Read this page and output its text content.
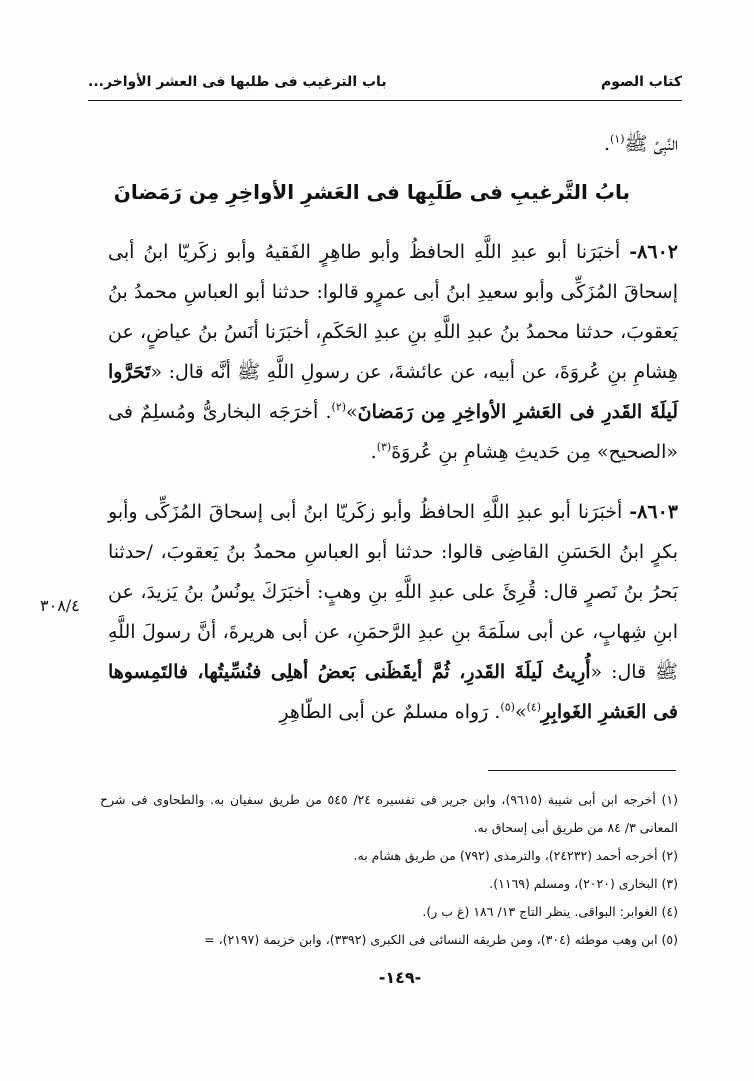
كتاب الصوم
باب الترغيب فى طلبها فى العشر الأواخر...
النَّبِىِّ ﷺ$^{(١)}$.
بابُ التَّرغيبِ فى طَلَبِها فى العَشرِ الأواخِرِ مِن رَمَضانَ

٨٦٠٢- أخبَرَنا أبو عبدِ اللَّهِ الحافظُ وأبو طاهِرٍ الفَقيهُ وأبو زكَريّا ابنُ أبى إسحاقَ المُزَكِّى وأبو سعيدِ ابنُ أبى عمرٍو قالوا: حدثنا أبو العباسِ محمدُ بنُ يَعقوبَ، حدثنا محمدُ بنُ عبدِ اللَّهِ بنِ عبدِ الحَكَمِ، أخبَرَنا أنَسُ بنُ عياضٍ، عن هِشامِ بنِ عُروَةَ، عن أبيه، عن عائشةَ، عن رسولِ اللَّهِ ﷺ أنَّه قال: «تَحَرَّوا لَيلَةَ القَدرِ فى العَشرِ الأواخِرِ مِن رَمَضانَ»$^{(٢)}$. أخرَجَه البخارىُّ ومُسلِمٌ فى «الصحيح» مِن حَديثِ هِشامِ بنِ عُروَةَ$^{(٣)}$.

٣٠٨/٤

٨٦٠٣- أخبَرَنا أبو عبدِ اللَّهِ الحافظُ وأبو زكَريّا ابنُ أبى إسحاقَ المُزَكِّى وأبو بكرٍ ابنُ الحَسَنِ القاضِى قالوا: حدثنا أبو العباسِ محمدُ بنُ يَعقوبَ، /حدثنا بَحرُ بنُ نَصرٍ قال: قُرِئَ على عبدِ اللَّهِ بنِ وهبٍ: أخبَرَكَ يونُسُ بنُ يَزيدَ، عن ابنِ شِهابٍ، عن أبى سلَمَةَ بنِ عبدِ الرَّحمَنِ، عن أبى هريرةَ، أنَّ رسولَ اللَّهِ ﷺ قال: «أُرِيتُ لَيلَةَ القَدرِ، ثُمَّ أيقَظَنى بَعضُ أهلِى فنُسِّيتُها، فالتَمِسوها فى العَشرِ الغَوابِرِ$^{(٤)}$»$^{(٥)}$. رَواه مسلمٌ عن أبى الطّاهِرِ

(١) أخرجه ابن أبى شيبة (٩٦١٥)، وابن جرير فى تفسيره ٢٤/ ٥٤٥ من طريق سفيان به. والطحاوى فى شرح المعانى ٣/ ٨٤ من طريق أبى إسحاق به.

(٢) أخرجه أحمد (٢٤٢٣٢)، والترمذى (٧٩٢) من طريق هشام به.

(٣) البخارى (٢٠٢٠)، ومسلم (١١٦٩).

(٤) الغوابر: البواقى. ينظر التاج ١٣/ ١٨٦ (غ ب ر).

(٥) ابن وهب موطئه (٣٠٤)، ومن طريقه النسائى فى الكبرى (٣٣٩٢)، وابن خزيمة (٢١٩٧)، =

-١٤٩-
